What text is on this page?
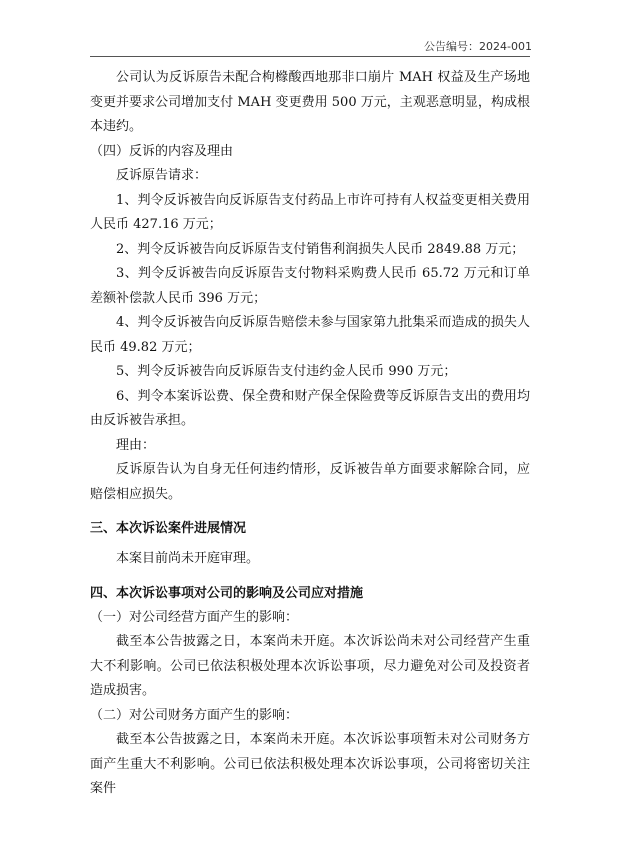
公告编号：2024-001

公司认为反诉原告未配合枸橼酸西地那非口崩片 MAH 权益及生产场地变更并要求公司增加支付 MAH 变更费用 500 万元，主观恶意明显，构成根本违约。

（四）反诉的内容及理由

反诉原告请求：

1、判令反诉被告向反诉原告支付药品上市许可持有人权益变更相关费用人民币 427.16 万元；

2、判令反诉被告向反诉原告支付销售利润损失人民币 2849.88 万元；

3、判令反诉被告向反诉原告支付物料采购费人民币 65.72 万元和订单差额补偿款人民币 396 万元；

4、判令反诉被告向反诉原告赔偿未参与国家第九批集采而造成的损失人民币 49.82 万元；

5、判令反诉被告向反诉原告支付违约金人民币 990 万元；

6、判令本案诉讼费、保全费和财产保全保险费等反诉原告支出的费用均由反诉被告承担。

理由：

反诉原告认为自身无任何违约情形，反诉被告单方面要求解除合同，应赔偿相应损失。

三、本次诉讼案件进展情况

本案目前尚未开庭审理。

四、本次诉讼事项对公司的影响及公司应对措施

（一）对公司经营方面产生的影响：

截至本公告披露之日，本案尚未开庭。本次诉讼尚未对公司经营产生重大不利影响。公司已依法积极处理本次诉讼事项，尽力避免对公司及投资者造成损害。

（二）对公司财务方面产生的影响：

截至本公告披露之日，本案尚未开庭。本次诉讼事项暂未对公司财务方面产生重大不利影响。公司已依法积极处理本次诉讼事项，公司将密切关注案件
